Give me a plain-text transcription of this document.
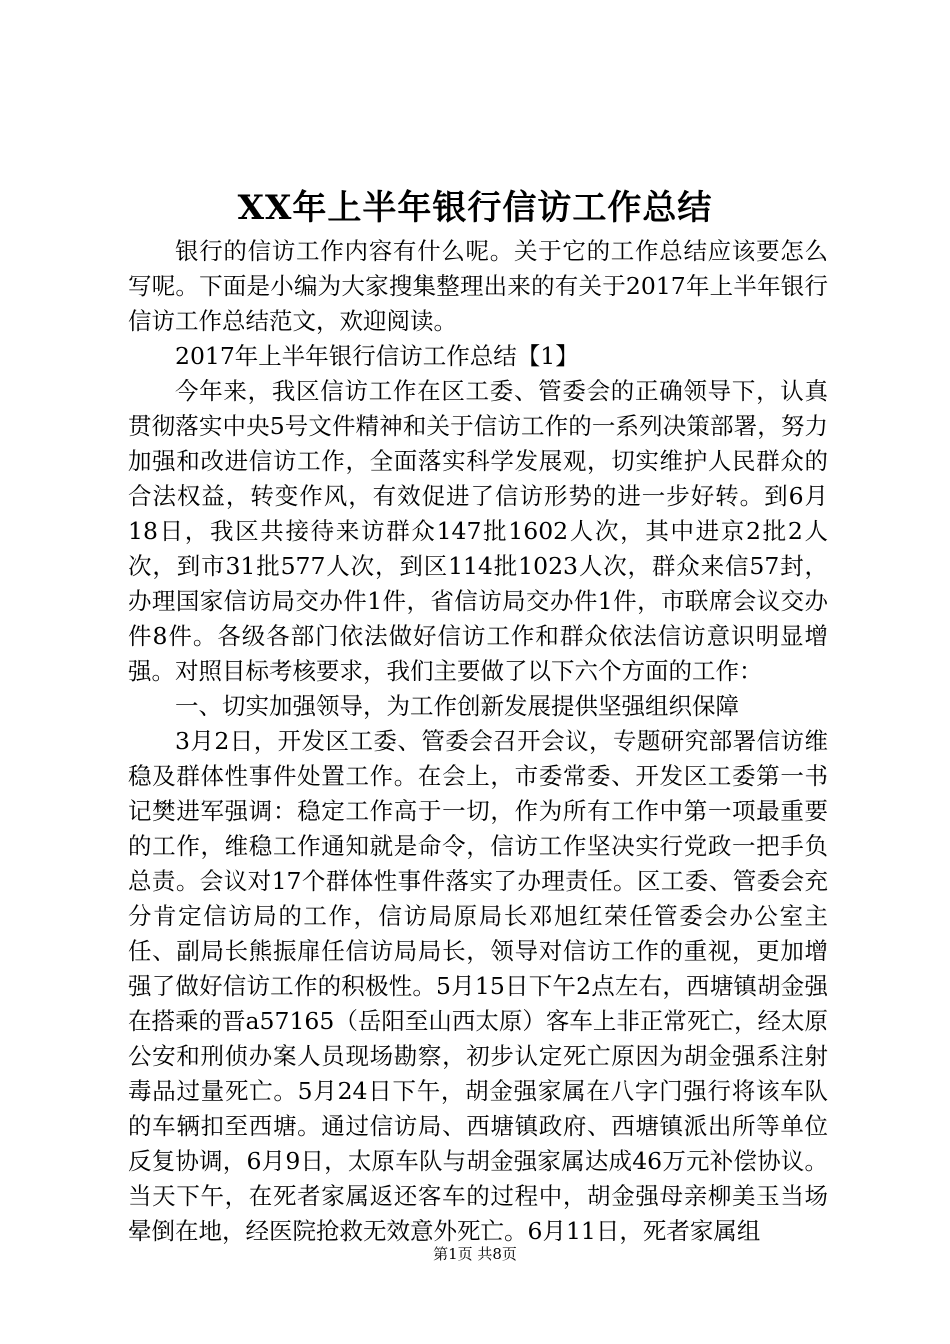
XX年上半年银行信访工作总结

银行的信访工作内容有什么呢。关于它的工作总结应该要怎么写呢。下面是小编为大家搜集整理出来的有关于2017年上半年银行信访工作总结范文，欢迎阅读。

2017年上半年银行信访工作总结【1】

今年来，我区信访工作在区工委、管委会的正确领导下，认真贯彻落实中央5号文件精神和关于信访工作的一系列决策部署，努力加强和改进信访工作，全面落实科学发展观，切实维护人民群众的合法权益，转变作风，有效促进了信访形势的进一步好转。到6月18日，我区共接待来访群众147批1602人次，其中进京2批2人次，到市31批577人次，到区114批1023人次，群众来信57封，办理国家信访局交办件1件，省信访局交办件1件，市联席会议交办件8件。各级各部门依法做好信访工作和群众依法信访意识明显增强。对照目标考核要求，我们主要做了以下六个方面的工作：

一、切实加强领导，为工作创新发展提供坚强组织保障

3月2日，开发区工委、管委会召开会议，专题研究部署信访维稳及群体性事件处置工作。在会上，市委常委、开发区工委第一书记樊进军强调：稳定工作高于一切，作为所有工作中第一项最重要的工作，维稳工作通知就是命令，信访工作坚决实行党政一把手负总责。会议对17个群体性事件落实了办理责任。区工委、管委会充分肯定信访局的工作，信访局原局长邓旭红荣任管委会办公室主任、副局长熊振扉任信访局局长，领导对信访工作的重视，更加增强了做好信访工作的积极性。5月15日下午2点左右，西塘镇胡金强在搭乘的晋a57165（岳阳至山西太原）客车上非正常死亡，经太原公安和刑侦办案人员现场勘察，初步认定死亡原因为胡金强系注射毒品过量死亡。5月24日下午，胡金强家属在八字门强行将该车队的车辆扣至西塘。通过信访局、西塘镇政府、西塘镇派出所等单位反复协调，6月9日，太原车队与胡金强家属达成46万元补偿协议。当天下午，在死者家属返还客车的过程中，胡金强母亲柳美玉当场晕倒在地，经医院抢救无效意外死亡。6月11日，死者家属组

第1页 共8页
